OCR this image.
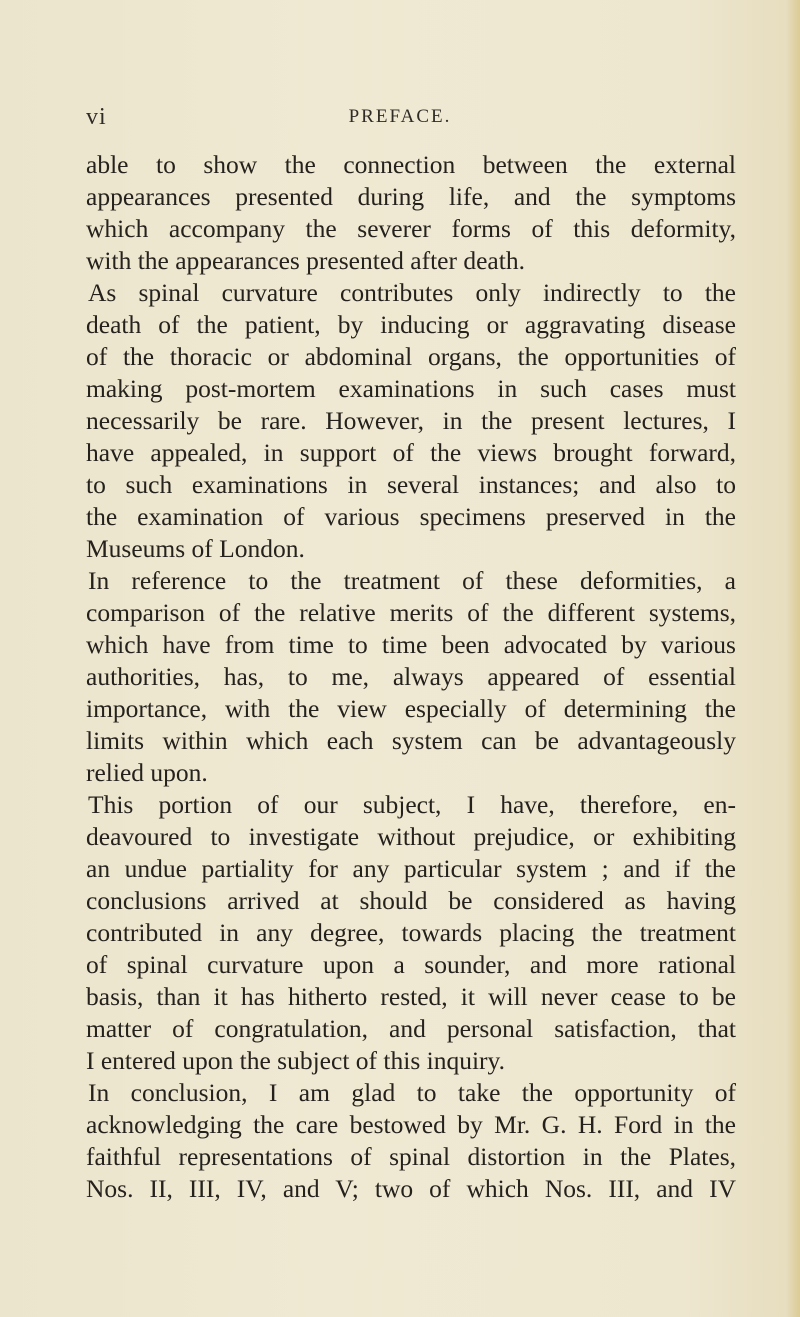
vi	PREFACE.
able to show the connection between the external
appearances presented during life, and the symptoms
which accompany the severer forms of this deformity,
with the appearances presented after death.
As spinal curvature contributes only indirectly to the
death of the patient, by inducing or aggravating disease
of the thoracic or abdominal organs, the opportunities of
making post-mortem examinations in such cases must
necessarily be rare. However, in the present lectures, I
have appealed, in support of the views brought forward,
to such examinations in several instances; and also to
the examination of various specimens preserved in the
Museums of London.
In reference to the treatment of these deformities, a
comparison of the relative merits of the different systems,
which have from time to time been advocated by various
authorities, has, to me, always appeared of essential
importance, with the view especially of determining the
limits within which each system can be advantageously
relied upon.
This portion of our subject, I have, therefore, en-
deavoured to investigate without prejudice, or exhibiting
an undue partiality for any particular system ; and if the
conclusions arrived at should be considered as having
contributed in any degree, towards placing the treatment
of spinal curvature upon a sounder, and more rational
basis, than it has hitherto rested, it will never cease to be
matter of congratulation, and personal satisfaction, that
I entered upon the subject of this inquiry.
In conclusion, I am glad to take the opportunity of
acknowledging the care bestowed by Mr. G. H. Ford in the
faithful representations of spinal distortion in the Plates,
Nos. II, III, IV, and V; two of which Nos. III, and IV
